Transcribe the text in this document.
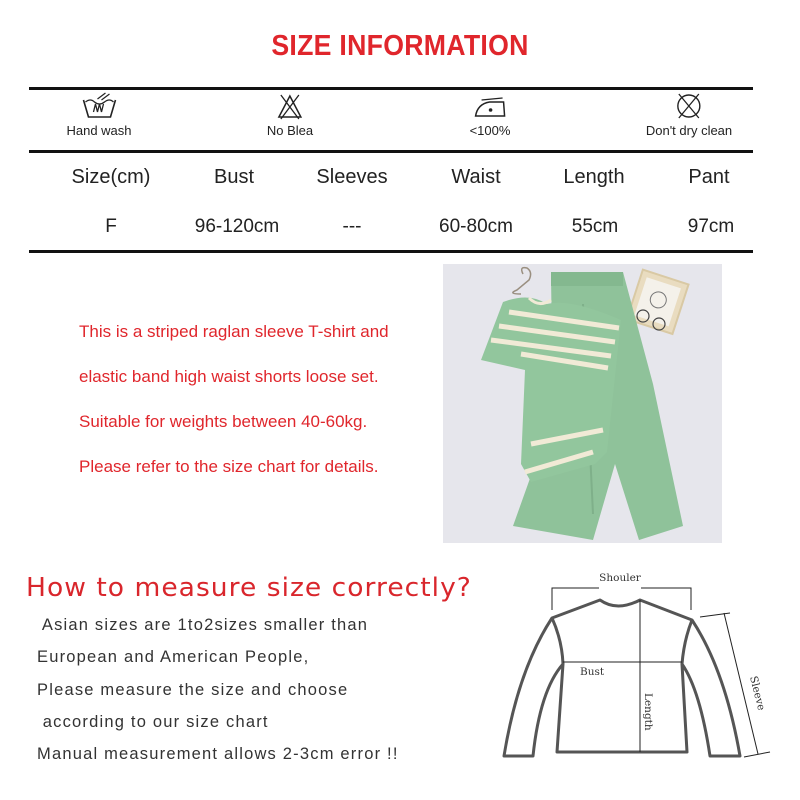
SIZE INFORMATION
Hand wash	No Blea	<100%	Don't dry clean
Size(cm)	Bust	Sleeves	Waist	Length	Pant
F	96-120cm	---	60-80cm	55cm	97cm

This is a striped raglan sleeve T-shirt and

elastic band high waist shorts loose set.

Suitable for weights between 40-60kg.

Please refer to the size chart for details.

How to measure size correctly?

Asian sizes are 1to2sizes smaller than

European and American People,

Please measure the size and choose

according to our size chart

Manual measurement allows 2-3cm error !!

Shouler
Bust
Length	Sleeve
